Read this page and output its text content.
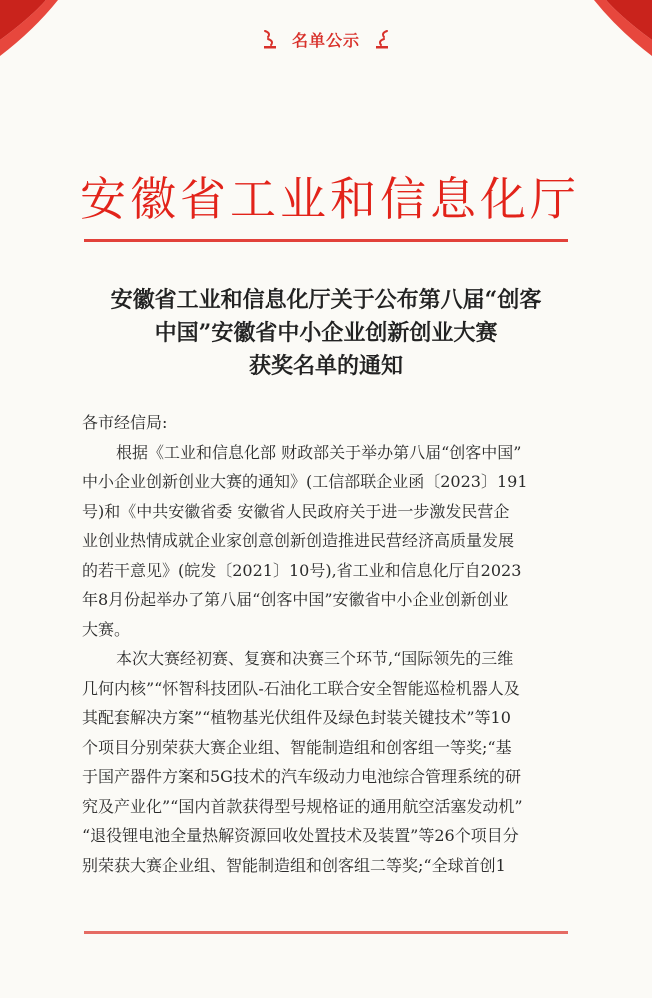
名单公示
安徽省工业和信息化厅
安徽省工业和信息化厅关于公布第八届“创客
中国”安徽省中小企业创新创业大赛
获奖名单的通知
各市经信局:
根据《工业和信息化部 财政部关于举办第八届“创客中国”
中小企业创新创业大赛的通知》(工信部联企业函〔2023〕191
号)和《中共安徽省委 安徽省人民政府关于进一步激发民营企
业创业热情成就企业家创意创新创造推进民营经济高质量发展
的若干意见》(皖发〔2021〕10号),省工业和信息化厅自2023
年8月份起举办了第八届“创客中国”安徽省中小企业创新创业
大赛。
本次大赛经初赛、复赛和决赛三个环节,“国际领先的三维
几何内核”“怀智科技团队-石油化工联合安全智能巡检机器人及
其配套解决方案”“植物基光伏组件及绿色封装关键技术”等10
个项目分别荣获大赛企业组、智能制造组和创客组一等奖;“基
于国产器件方案和5G技术的汽车级动力电池综合管理系统的研
究及产业化”“国内首款获得型号规格证的通用航空活塞发动机”
“退役锂电池全量热解资源回收处置技术及装置”等26个项目分
别荣获大赛企业组、智能制造组和创客组二等奖;“全球首创1
